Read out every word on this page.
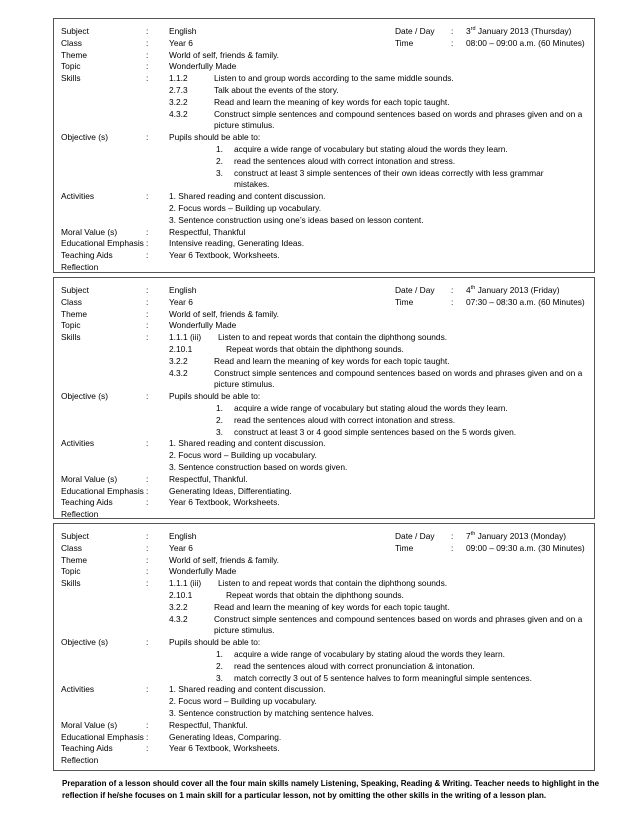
Subject	: English	Date / Day : 3rd January 2013 (Thursday)
Class	: Year 6	Time	: 08:00 – 09:00 a.m. (60 Minutes)
Theme	: World of self, friends & family.
Topic	: Wonderfully Made
Skills	: 1.1.2	Listen to and group words according to the same middle sounds.
2.7.3	Talk about the events of the story.
3.2.2	Read and learn the meaning of key words for each topic taught.
4.3.2	Construct simple sentences and compound sentences based on words and phrases given and on a
picture stimulus.
Objective (s)	: Pupils should be able to:
1. acquire a wide range of vocabulary but stating aloud the words they learn.
2. read the sentences aloud with correct intonation and stress.
3. construct at least 3 simple sentences of their own ideas correctly with less grammar
mistakes.
Activities	: 1. Shared reading and content discussion.
2. Focus words – Building up vocabulary.
3. Sentence construction using one’s ideas based on lesson content.
Moral Value (s)	: Respectful, Thankful
Educational Emphasis : Intensive reading, Generating Ideas.
Teaching Aids	: Year 6 Textbook, Worksheets.
Reflection
Subject	: English	Date / Day : 4th January 2013 (Friday)
Class	: Year 6	Time	: 07:30 – 08:30 a.m. (60 Minutes)
Theme	: World of self, friends & family.
Topic	: Wonderfully Made
Skills	: 1.1.1 (iii) Listen to and repeat words that contain the diphthong sounds.
2.10.1	Repeat words that obtain the diphthong sounds.
3.2.2	Read and learn the meaning of key words for each topic taught.
4.3.2	Construct simple sentences and compound sentences based on words and phrases given and on a
picture stimulus.
Objective (s)	: Pupils should be able to:
1. acquire a wide range of vocabulary but stating aloud the words they learn.
2. read the sentences aloud with correct intonation and stress.
3. construct at least 3 or 4 good simple sentences based on the 5 words given.
Activities	: 1. Shared reading and content discussion.
2. Focus word – Building up vocabulary.
3. Sentence construction based on words given.
Moral Value (s)	: Respectful, Thankful.
Educational Emphasis : Generating Ideas, Differentiating.
Teaching Aids	: Year 6 Textbook, Worksheets.
Reflection
Subject	: English	Date / Day : 7th January 2013 (Monday)
Class	: Year 6	Time	: 09:00 – 09:30 a.m. (30 Minutes)
Theme	: World of self, friends & family.
Topic	: Wonderfully Made
Skills	: 1.1.1 (iii) Listen to and repeat words that contain the diphthong sounds.
2.10.1	Repeat words that obtain the diphthong sounds.
3.2.2	Read and learn the meaning of key words for each topic taught.
4.3.2	Construct simple sentences and compound sentences based on words and phrases given and on a
picture stimulus.
Objective (s)	: Pupils should be able to:
1. acquire a wide range of vocabulary by stating aloud the words they learn.
2. read the sentences aloud with correct pronunciation & intonation.
3. match correctly 3 out of 5 sentence halves to form meaningful simple sentences.
Activities	: 1. Shared reading and content discussion.
2. Focus word – Building up vocabulary.
3. Sentence construction by matching sentence halves.
Moral Value (s)	: Respectful, Thankful.
Educational Emphasis : Generating Ideas, Comparing.
Teaching Aids	: Year 6 Textbook, Worksheets.
Reflection
Preparation of a lesson should cover all the four main skills namely Listening, Speaking, Reading & Writing. Teacher needs to highlight in the reflection if he/she focuses on 1 main skill for a particular lesson, not by omitting the other skills in the writing of a lesson plan.
